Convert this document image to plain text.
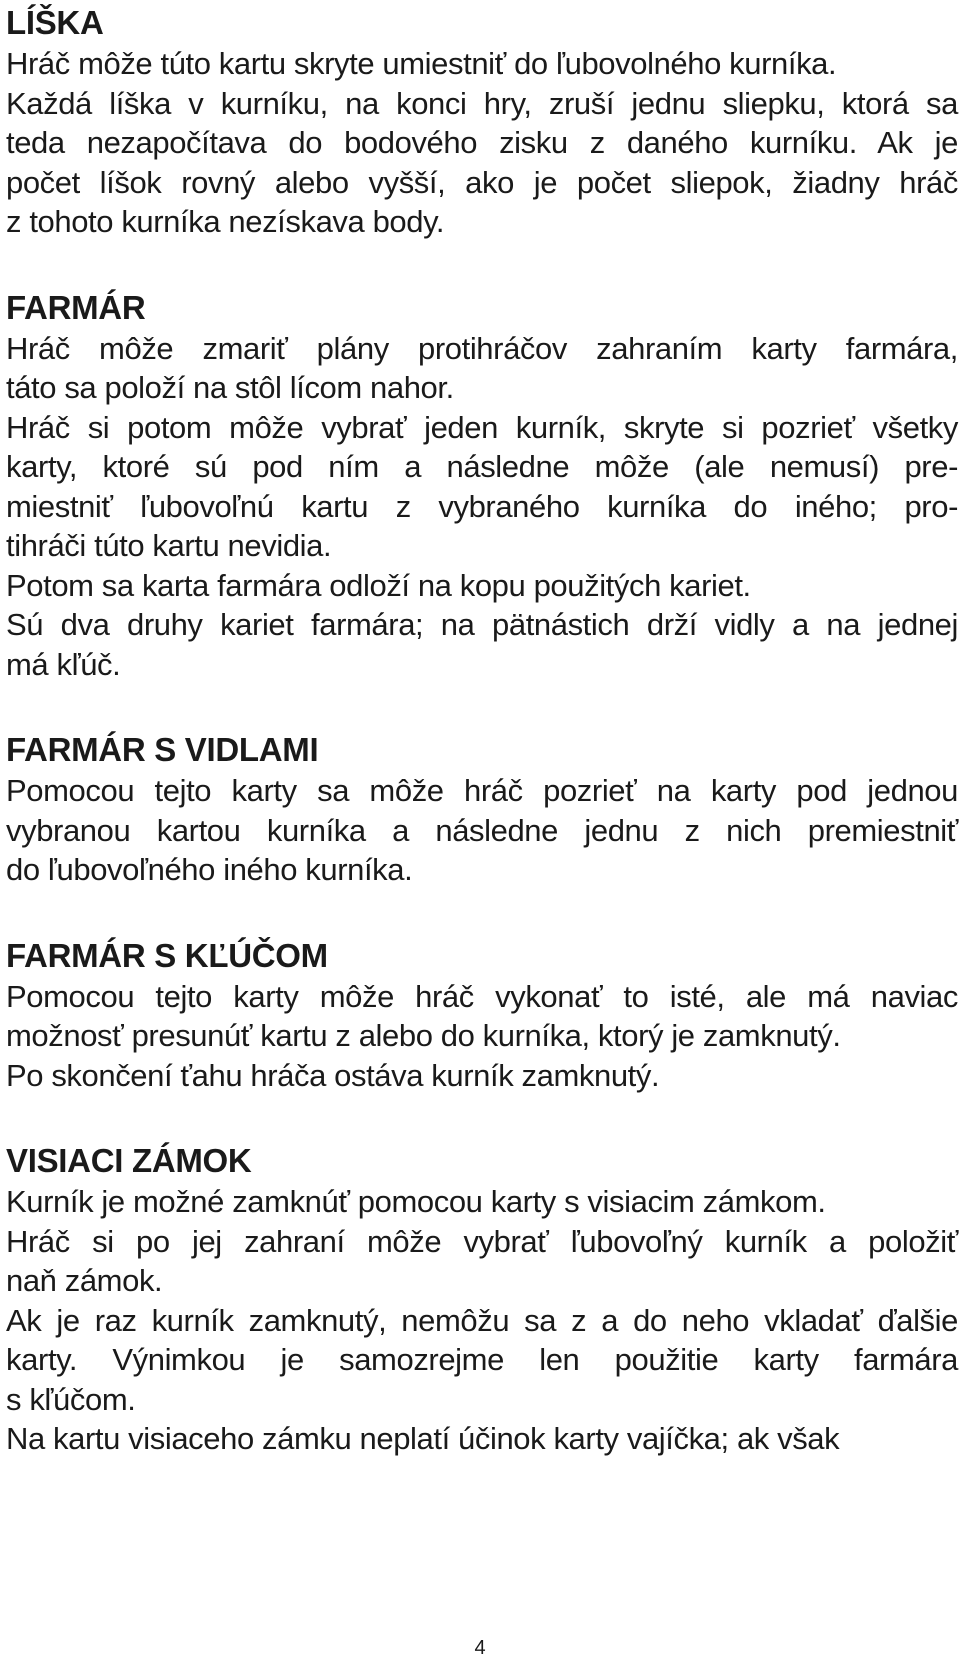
LÍŠKA

Hráč môže túto kartu skryte umiestniť do ľubovolného kurníka.

Každá líška v kurníku, na konci hry, zruší jednu sliepku, ktorá sa

teda nezapočítava do bodového zisku z daného kurníku. Ak je

počet líšok rovný alebo vyšší, ako je počet sliepok, žiadny hráč

z tohoto kurníka nezískava body.

FARMÁR

Hráč môže zmariť plány protihráčov zahraním karty farmára,

táto sa položí na stôl lícom nahor.

Hráč si potom môže vybrať jeden kurník, skryte si pozrieť všetky

karty, ktoré sú pod ním a následne môže (ale nemusí) pre-

miestniť ľubovoľnú kartu z vybraného kurníka do iného; pro-

tihráči túto kartu nevidia.

Potom sa karta farmára odloží na kopu použitých kariet.

Sú dva druhy kariet farmára; na pätnástich drží vidly a na jednej

má kľúč.

FARMÁR S VIDLAMI

Pomocou tejto karty sa môže hráč pozrieť na karty pod jednou

vybranou kartou kurníka a následne jednu z nich premiestniť

do ľubovoľného iného kurníka.

FARMÁR S KĽÚČOM

Pomocou tejto karty môže hráč vykonať to isté, ale má naviac

možnosť presunúť kartu z alebo do kurníka, ktorý je zamknutý.

Po skončení ťahu hráča ostáva kurník zamknutý.

VISIACI ZÁMOK

Kurník je možné zamknúť pomocou karty s visiacim zámkom.

Hráč si po jej zahraní môže vybrať ľubovoľný kurník a položiť

naň zámok.

Ak je raz kurník zamknutý, nemôžu sa z a do neho vkladať ďalšie

karty. Výnimkou je samozrejme len použitie karty farmára

s kľúčom.

Na kartu visiaceho zámku neplatí účinok karty vajíčka; ak však

4
